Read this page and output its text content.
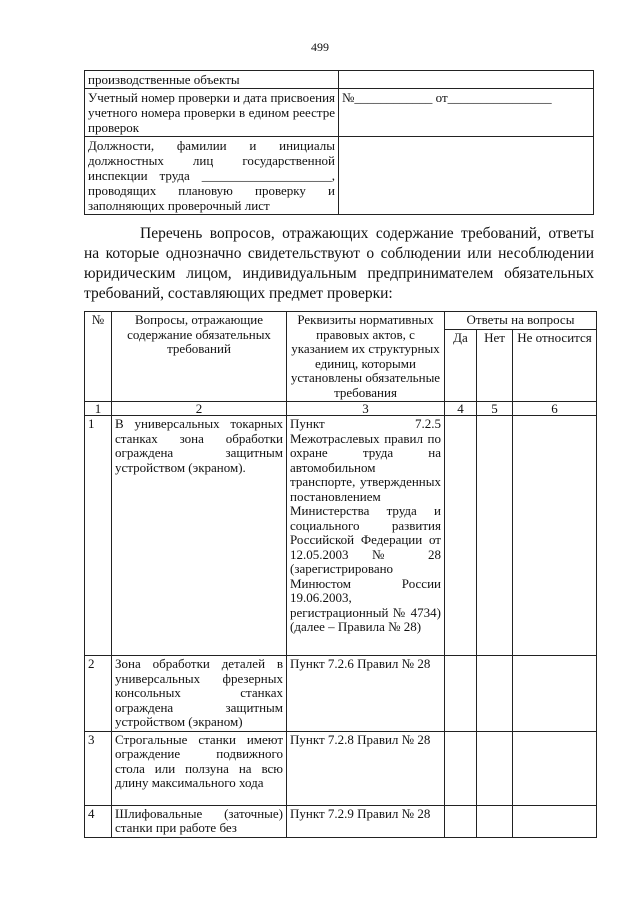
499
производственные объекты	
Учетный номер проверки и дата присвоения учетного номера проверки в едином реестре проверок	№____________ от________________
Должности, фамилии и инициалы должностных лиц государственной инспекции труда ____________________, проводящих плановую проверку и заполняющих проверочный лист	

Перечень вопросов, отражающих содержание требований, ответы на которые однозначно свидетельствуют о соблюдении или несоблюдении юридическим лицом, индивидуальным предпринимателем обязательных требований, составляющих предмет проверки:

№	Вопросы, отражающие содержание обязательных требований	Реквизиты нормативных правовых актов, с указанием их структурных единиц, которыми установлены обязательные требования	Ответы на вопросы		
			Да	Нет	Не относится
1	2	3	4	5	6
1	В универсальных токарных станках зона обработки ограждена защитным устройством (экраном).	Пункт 7.2.5 Межотраслевых правил по охране труда на автомобильном транспорте, утвержденных постановлением Министерства труда и социального развития Российской Федерации от 12.05.2003 № 28 (зарегистрировано Минюстом России 19.06.2003, регистрационный № 4734) (далее – Правила № 28)			
2	Зона обработки деталей в универсальных фрезерных консольных станках ограждена защитным устройством (экраном)	Пункт 7.2.6 Правил № 28			
3	Строгальные станки имеют ограждение подвижного стола или ползуна на всю длину максимального хода	Пункт 7.2.8 Правил № 28			
4	Шлифовальные (заточные) станки при работе без	Пункт 7.2.9 Правил № 28			
